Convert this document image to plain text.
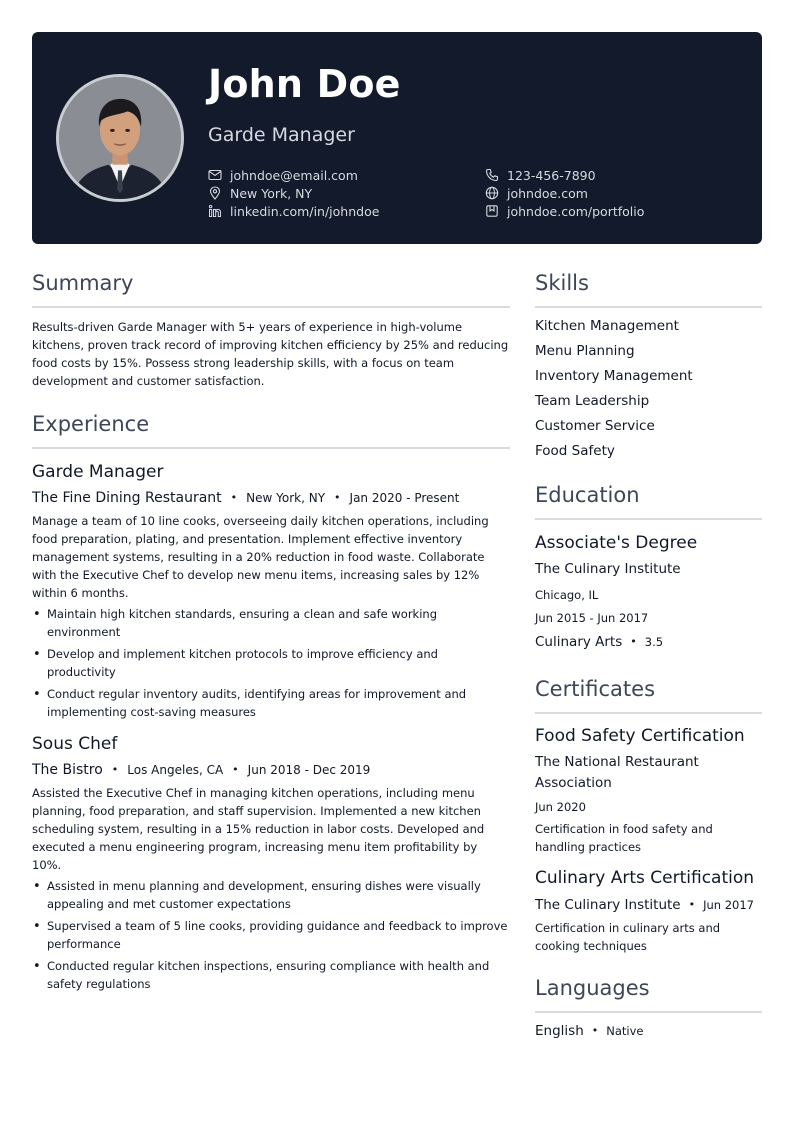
John Doe
Garde Manager
johndoe@email.com	123-456-7890
New York, NY	johndoe.com
linkedin.com/in/johndoe	johndoe.com/portfolio
Summary
Results-driven Garde Manager with 5+ years of experience in high-volume kitchens, proven track record of improving kitchen efficiency by 25% and reducing food costs by 15%. Possess strong leadership skills, with a focus on team development and customer satisfaction.
Experience
Garde Manager
The Fine Dining Restaurant • New York, NY • Jan 2020 - Present
Manage a team of 10 line cooks, overseeing daily kitchen operations, including food preparation, plating, and presentation. Implement effective inventory management systems, resulting in a 20% reduction in food waste. Collaborate with the Executive Chef to develop new menu items, increasing sales by 12% within 6 months.
• Maintain high kitchen standards, ensuring a clean and safe working environment
• Develop and implement kitchen protocols to improve efficiency and productivity
• Conduct regular inventory audits, identifying areas for improvement and implementing cost-saving measures
Sous Chef
The Bistro • Los Angeles, CA • Jun 2018 - Dec 2019
Assisted the Executive Chef in managing kitchen operations, including menu planning, food preparation, and staff supervision. Implemented a new kitchen scheduling system, resulting in a 15% reduction in labor costs. Developed and executed a menu engineering program, increasing menu item profitability by 10%.
• Assisted in menu planning and development, ensuring dishes were visually appealing and met customer expectations
• Supervised a team of 5 line cooks, providing guidance and feedback to improve performance
• Conducted regular kitchen inspections, ensuring compliance with health and safety regulations
Skills
Kitchen Management
Menu Planning
Inventory Management
Team Leadership
Customer Service
Food Safety
Education
Associate's Degree
The Culinary Institute
Chicago, IL
Jun 2015 - Jun 2017
Culinary Arts • 3.5
Certificates
Food Safety Certification
The National Restaurant Association
Jun 2020
Certification in food safety and handling practices
Culinary Arts Certification
The Culinary Institute • Jun 2017
Certification in culinary arts and cooking techniques
Languages
English • Native
